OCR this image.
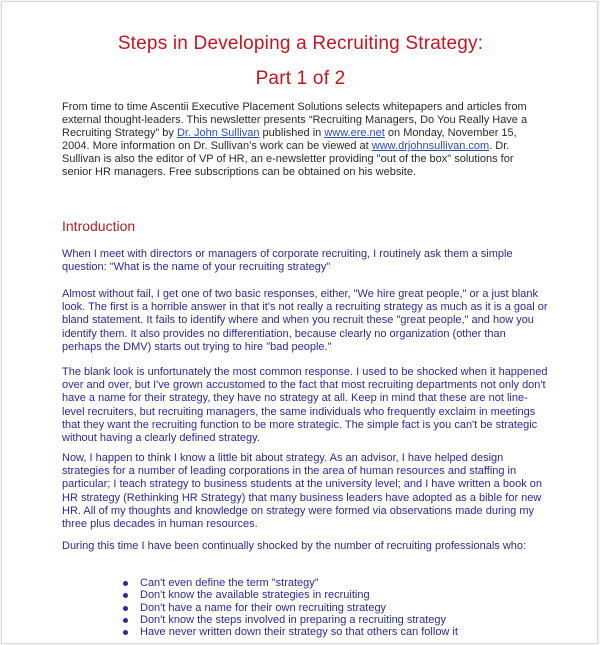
Steps in Developing a Recruiting Strategy:
Part 1 of 2
From time to time Ascentii Executive Placement Solutions selects whitepapers and articles from external thought-leaders. This newsletter presents “Recruiting Managers, Do You Really Have a Recruiting Strategy” by Dr. John Sullivan published in www.ere.net on Monday, November 15, 2004. More information on Dr. Sullivan’s work can be viewed at www.drjohnsullivan.com. Dr. Sullivan is also the editor of VP of HR, an e-newsletter providing "out of the box" solutions for senior HR managers. Free subscriptions can be obtained on his website.
Introduction
When I meet with directors or managers of corporate recruiting, I routinely ask them a simple question: "What is the name of your recruiting strategy"
Almost without fail, I get one of two basic responses, either, "We hire great people," or a just blank look. The first is a horrible answer in that it's not really a recruiting strategy as much as it is a goal or bland statement. It fails to identify where and when you recruit these "great people," and how you identify them. It also provides no differentiation, because clearly no organization (other than perhaps the DMV) starts out trying to hire "bad people."
The blank look is unfortunately the most common response. I used to be shocked when it happened over and over, but I've grown accustomed to the fact that most recruiting departments not only don't have a name for their strategy, they have no strategy at all. Keep in mind that these are not line-level recruiters, but recruiting managers, the same individuals who frequently exclaim in meetings that they want the recruiting function to be more strategic. The simple fact is you can't be strategic without having a clearly defined strategy.
Now, I happen to think I know a little bit about strategy. As an advisor, I have helped design strategies for a number of leading corporations in the area of human resources and staffing in particular; I teach strategy to business students at the university level; and I have written a book on HR strategy (Rethinking HR Strategy) that many business leaders have adopted as a bible for new HR. All of my thoughts and knowledge on strategy were formed via observations made during my three plus decades in human resources.
During this time I have been continually shocked by the number of recruiting professionals who:
Can't even define the term "strategy"
Don't know the available strategies in recruiting
Don't have a name for their own recruiting strategy
Don't know the steps involved in preparing a recruiting strategy
Have never written down their strategy so that others can follow it
